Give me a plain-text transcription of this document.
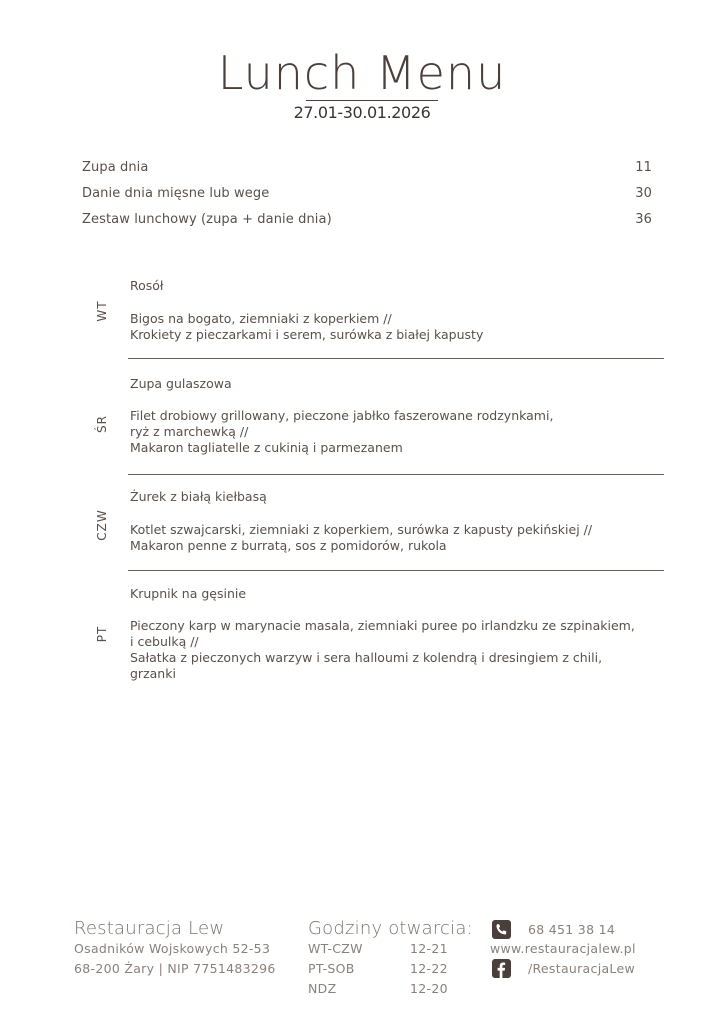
Lunch Menu
27.01-30.01.2026
Zupa dnia	11
Danie dnia mięsne lub wege	30
Zestaw lunchowy (zupa + danie dnia)	36
WT
Rosół
Bigos na bogato, ziemniaki z koperkiem //
Krokiety z pieczarkami i serem, surówka z białej kapusty
ŚR
Zupa gulaszowa
Filet drobiowy grillowany, pieczone jabłko faszerowane rodzynkami,
ryż z marchewką //
Makaron tagliatelle z cukinią i parmezanem
CZW
Żurek z białą kiełbasą
Kotlet szwajcarski, ziemniaki z koperkiem, surówka z kapusty pekińskiej //
Makaron penne z burratą, sos z pomidorów, rukola
PT
Krupnik na gęsinie
Pieczony karp w marynacie masala, ziemniaki puree po irlandzku ze szpinakiem,
i cebulką //
Sałatka z pieczonych warzyw i sera halloumi z kolendrą i dresingiem z chili,
grzanki
Restauracja Lew
Osadników Wojskowych 52-53
68-200 Żary | NIP 7751483296
Godziny otwarcia:
WT-CZW	12-21
PT-SOB	12-22
NDZ	12-20
68 451 38 14
www.restauracjalew.pl
/RestauracjaLew
